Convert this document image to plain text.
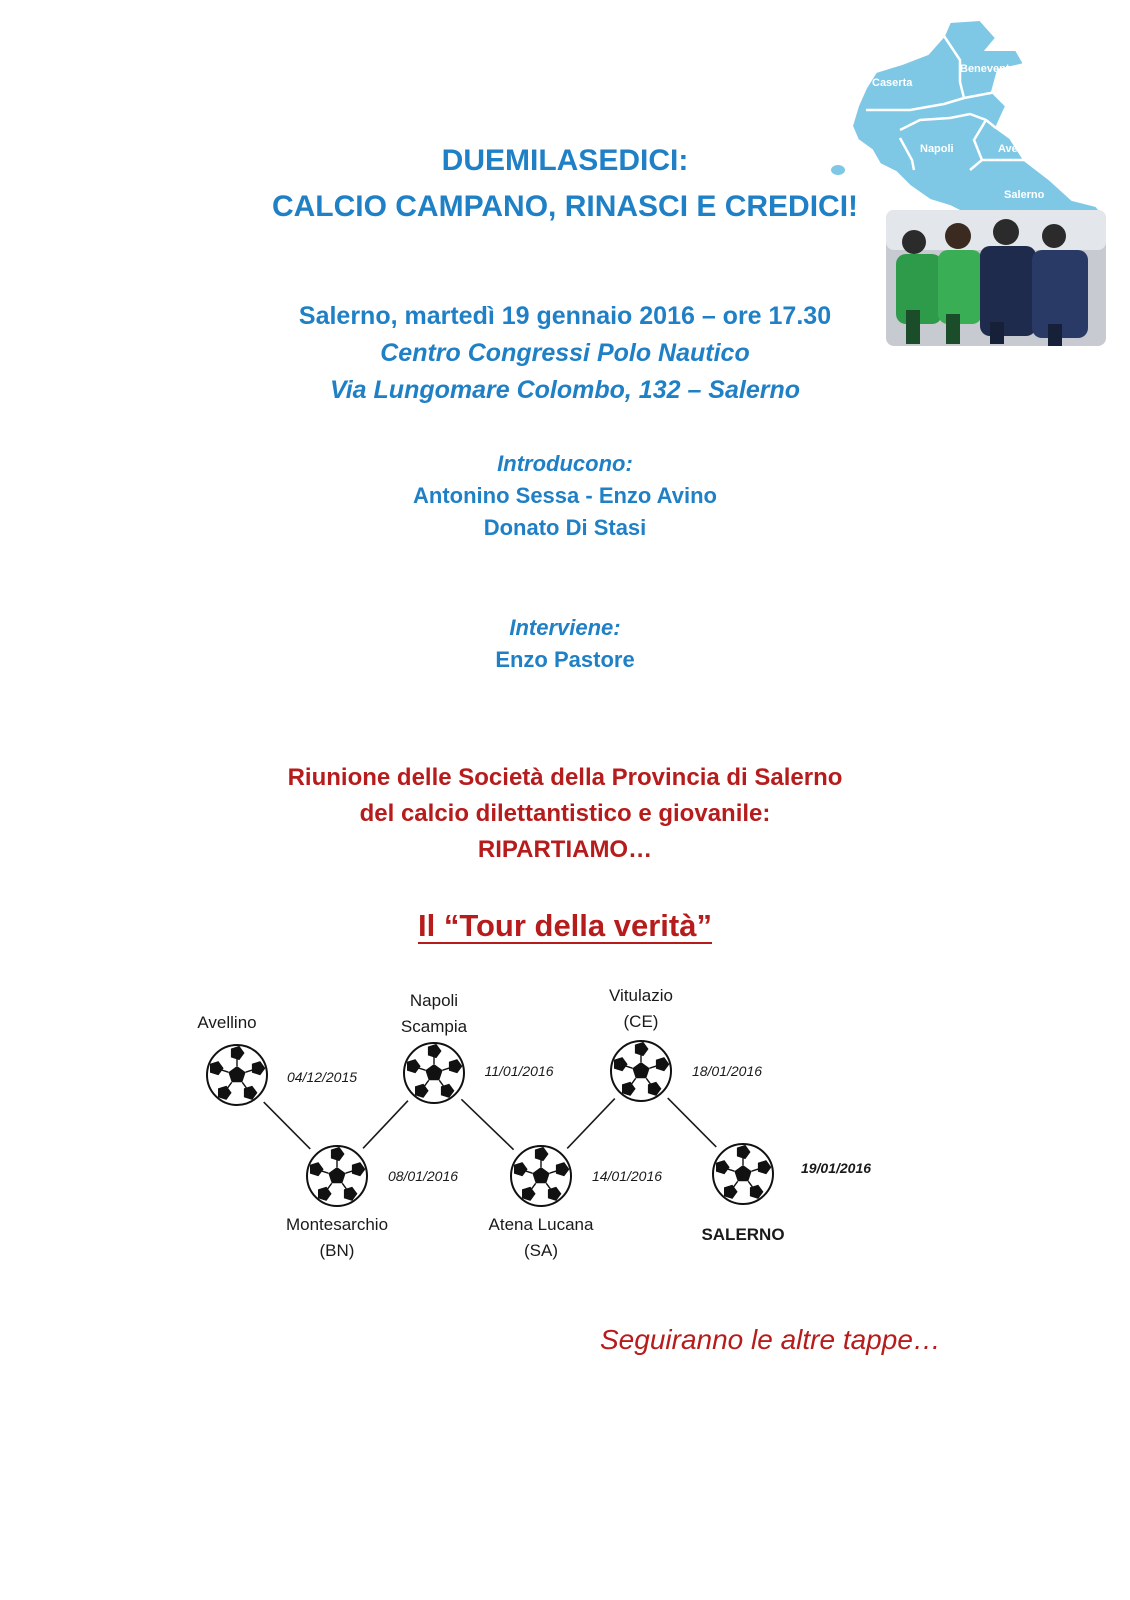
Caserta
Benevento
Napoli	Avellino
Salerno
DUEMILASEDICI:
CALCIO CAMPANO, RINASCI E CREDICI!
Salerno, martedì 19 gennaio 2016 – ore 17.30
Centro Congressi Polo Nautico
Via Lungomare Colombo, 132 – Salerno
Introducono:
Antonino Sessa - Enzo Avino
Donato Di Stasi
Interviene:
Enzo Pastore
Riunione delle Società della Provincia di Salerno
del calcio dilettantistico e giovanile:
RIPARTIAMO…
Il “Tour della verità”
Avellino
04/12/2015
Montesarchio
(BN)
08/01/2016
Napoli
Scampia
11/01/2016
Atena Lucana
(SA)
14/01/2016
Vitulazio
(CE)
18/01/2016
SALERNO
19/01/2016
Seguiranno le altre tappe…
